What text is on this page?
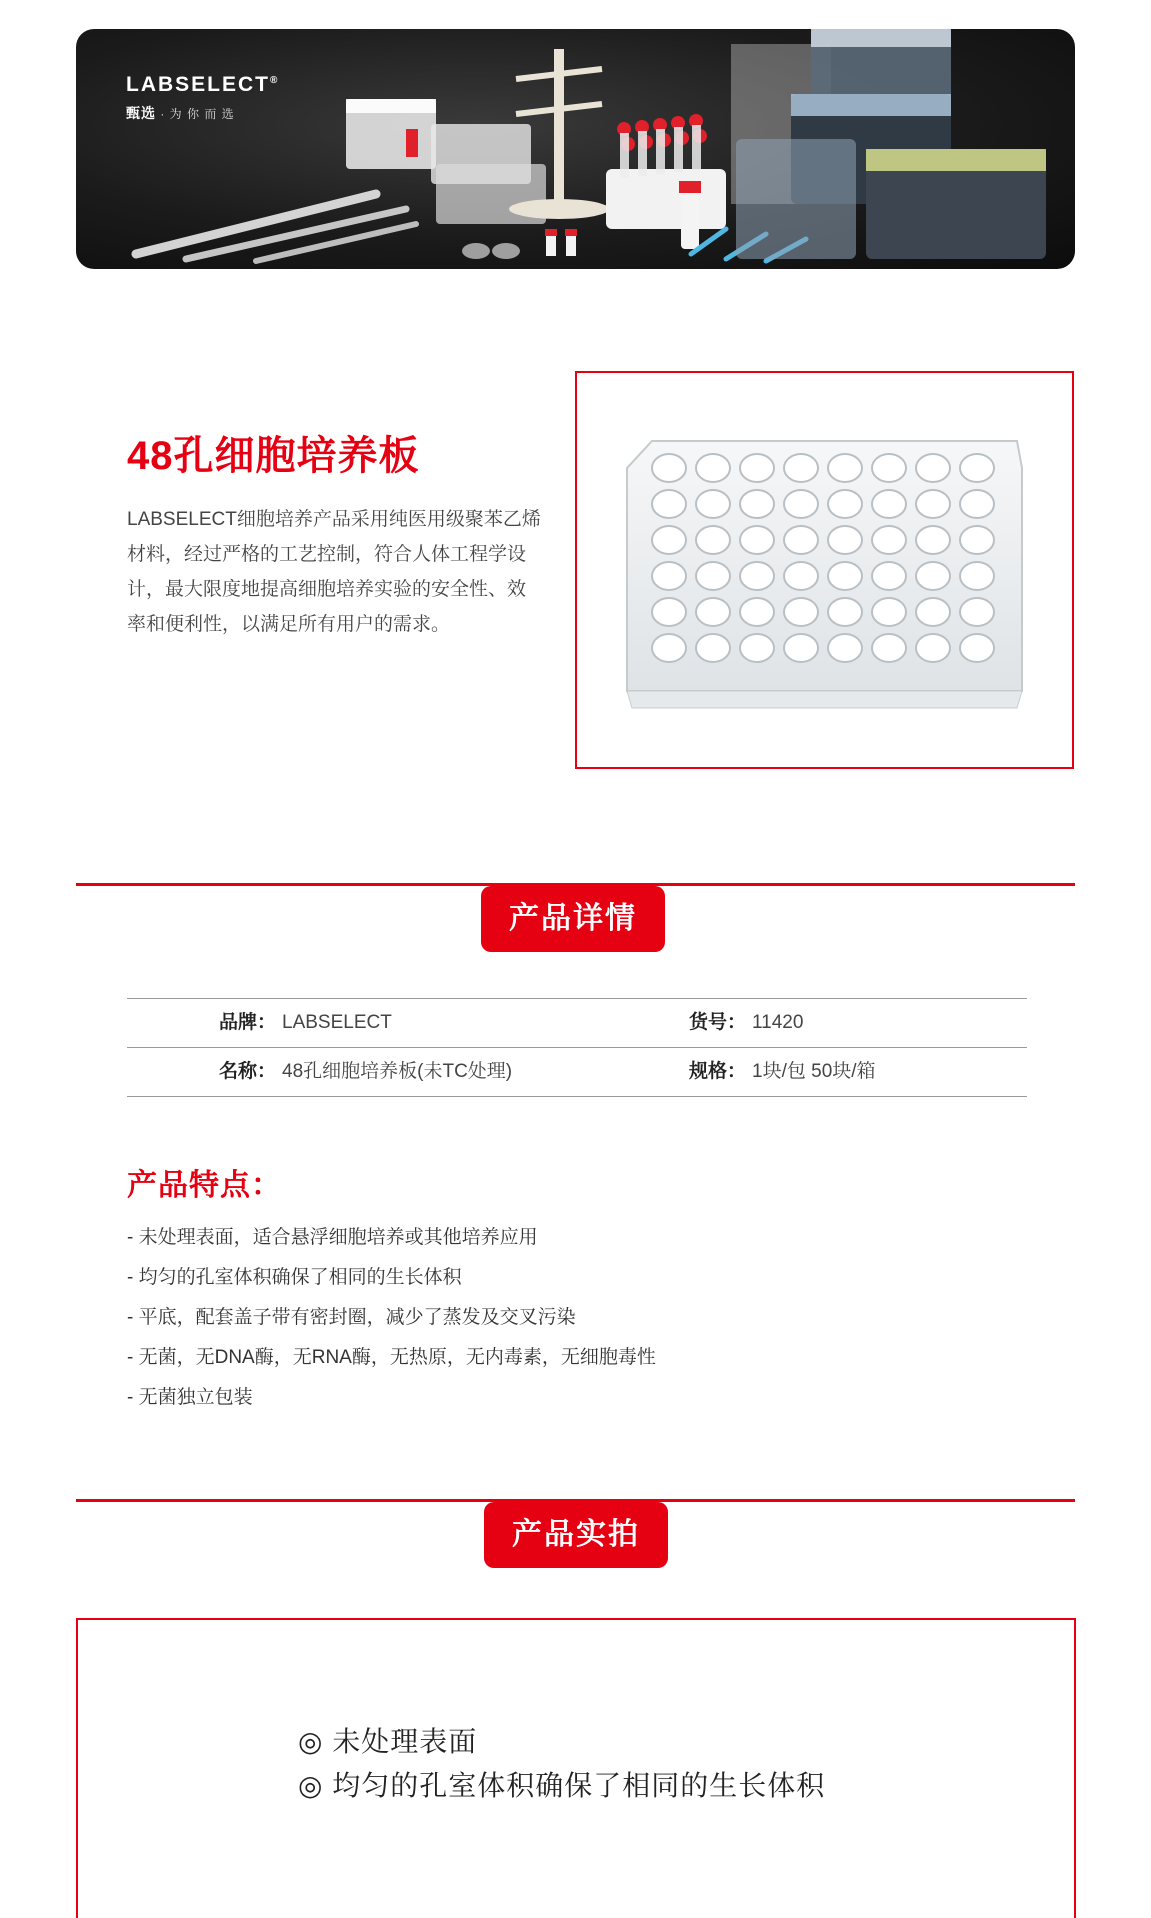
LABSELECT®
甄选 · 为 你 而 选
48孔细胞培养板
LABSELECT细胞培养产品采用纯医用级聚苯乙烯材料，经过严格的工艺控制，符合人体工程学设计，最大限度地提高细胞培养实验的安全性、效率和便利性，以满足所有用户的需求。
产品详情
品牌： LABSELECT	货号： 11420
名称： 48孔细胞培养板(未TC处理)	规格： 1块/包 50块/箱
产品特点：
- 未处理表面，适合悬浮细胞培养或其他培养应用
- 均匀的孔室体积确保了相同的生长体积
- 平底，配套盖子带有密封圈，减少了蒸发及交叉污染
- 无菌，无DNA酶，无RNA酶，无热原，无内毒素，无细胞毒性
- 无菌独立包装
产品实拍
◎ 未处理表面
◎ 均匀的孔室体积确保了相同的生长体积
